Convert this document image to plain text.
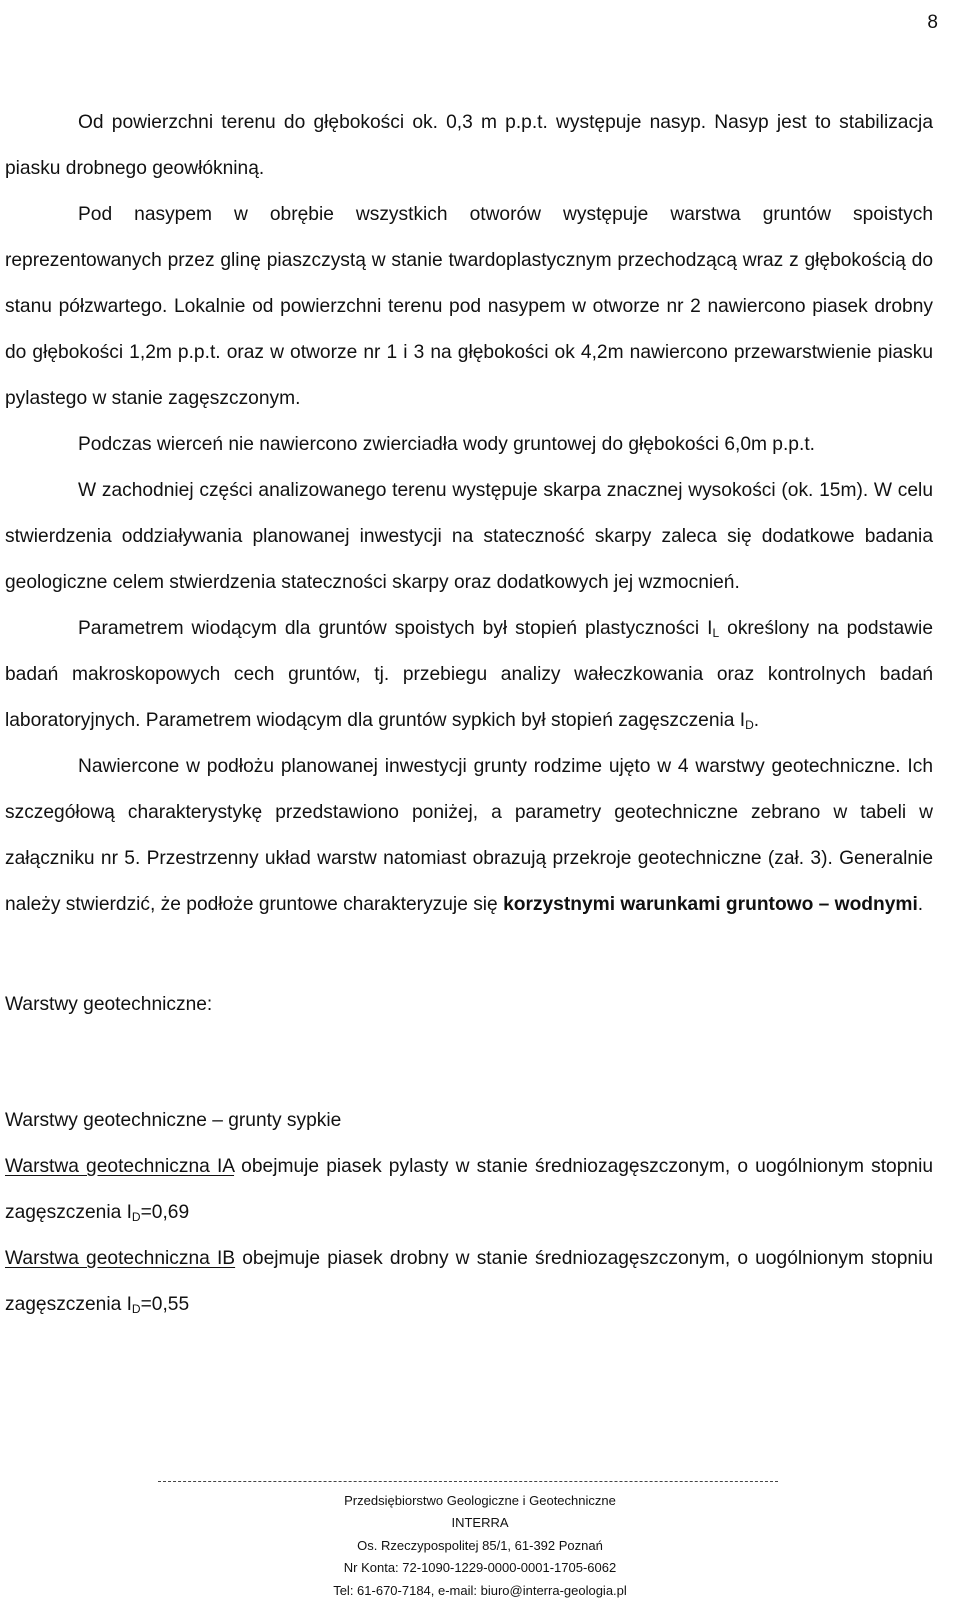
8

Od powierzchni terenu do głębokości ok. 0,3 m p.p.t. występuje nasyp. Nasyp jest to stabilizacja piasku drobnego geowłókniną.

Pod nasypem w obrębie wszystkich otworów występuje warstwa gruntów spoistych reprezentowanych przez glinę piaszczystą w stanie twardoplastycznym przechodzącą wraz z głębokością do stanu półzwartego. Lokalnie od powierzchni terenu pod nasypem w otworze nr 2 nawiercono piasek drobny do głębokości 1,2m p.p.t. oraz w otworze nr 1 i 3 na głębokości ok 4,2m nawiercono przewarstwienie piasku pylastego w stanie zagęszczonym.

Podczas wierceń nie nawiercono zwierciadła wody gruntowej do głębokości 6,0m p.p.t.

W zachodniej części analizowanego terenu występuje skarpa znacznej wysokości (ok. 15m). W celu stwierdzenia oddziaływania planowanej inwestycji na stateczność skarpy zaleca się dodatkowe badania geologiczne celem stwierdzenia stateczności skarpy oraz dodatkowych jej wzmocnień.

Parametrem wiodącym dla gruntów spoistych był stopień plastyczności $I_L$ określony na podstawie badań makroskopowych cech gruntów, tj. przebiegu analizy wałeczkowania oraz kontrolnych badań laboratoryjnych. Parametrem wiodącym dla gruntów sypkich był stopień zagęszczenia $I_D$.

Nawiercone w podłożu planowanej inwestycji grunty rodzime ujęto w 4 warstwy geotechniczne. Ich szczegółową charakterystykę przedstawiono poniżej, a parametry geotechniczne zebrano w tabeli w załączniku nr 5. Przestrzenny układ warstw natomiast obrazują przekroje geotechniczne (zał. 3). Generalnie należy stwierdzić, że podłoże gruntowe charakteryzuje się korzystnymi warunkami gruntowo – wodnymi.

Warstwy geotechniczne:

Warstwy geotechniczne – grunty sypkie

Warstwa geotechniczna IA obejmuje piasek pylasty w stanie średniozagęszczonym, o uogólnionym stopniu zagęszczenia $I_D=0,69$

Warstwa geotechniczna IB obejmuje piasek drobny w stanie średniozagęszczonym, o uogólnionym stopniu zagęszczenia $I_D=0,55$

Przedsiębiorstwo Geologiczne i Geotechniczne
INTERRA
Os. Rzeczypospolitej 85/1, 61-392 Poznań
Nr Konta: 72-1090-1229-0000-0001-1705-6062
Tel: 61-670-7184, e-mail: biuro@interra-geologia.pl
